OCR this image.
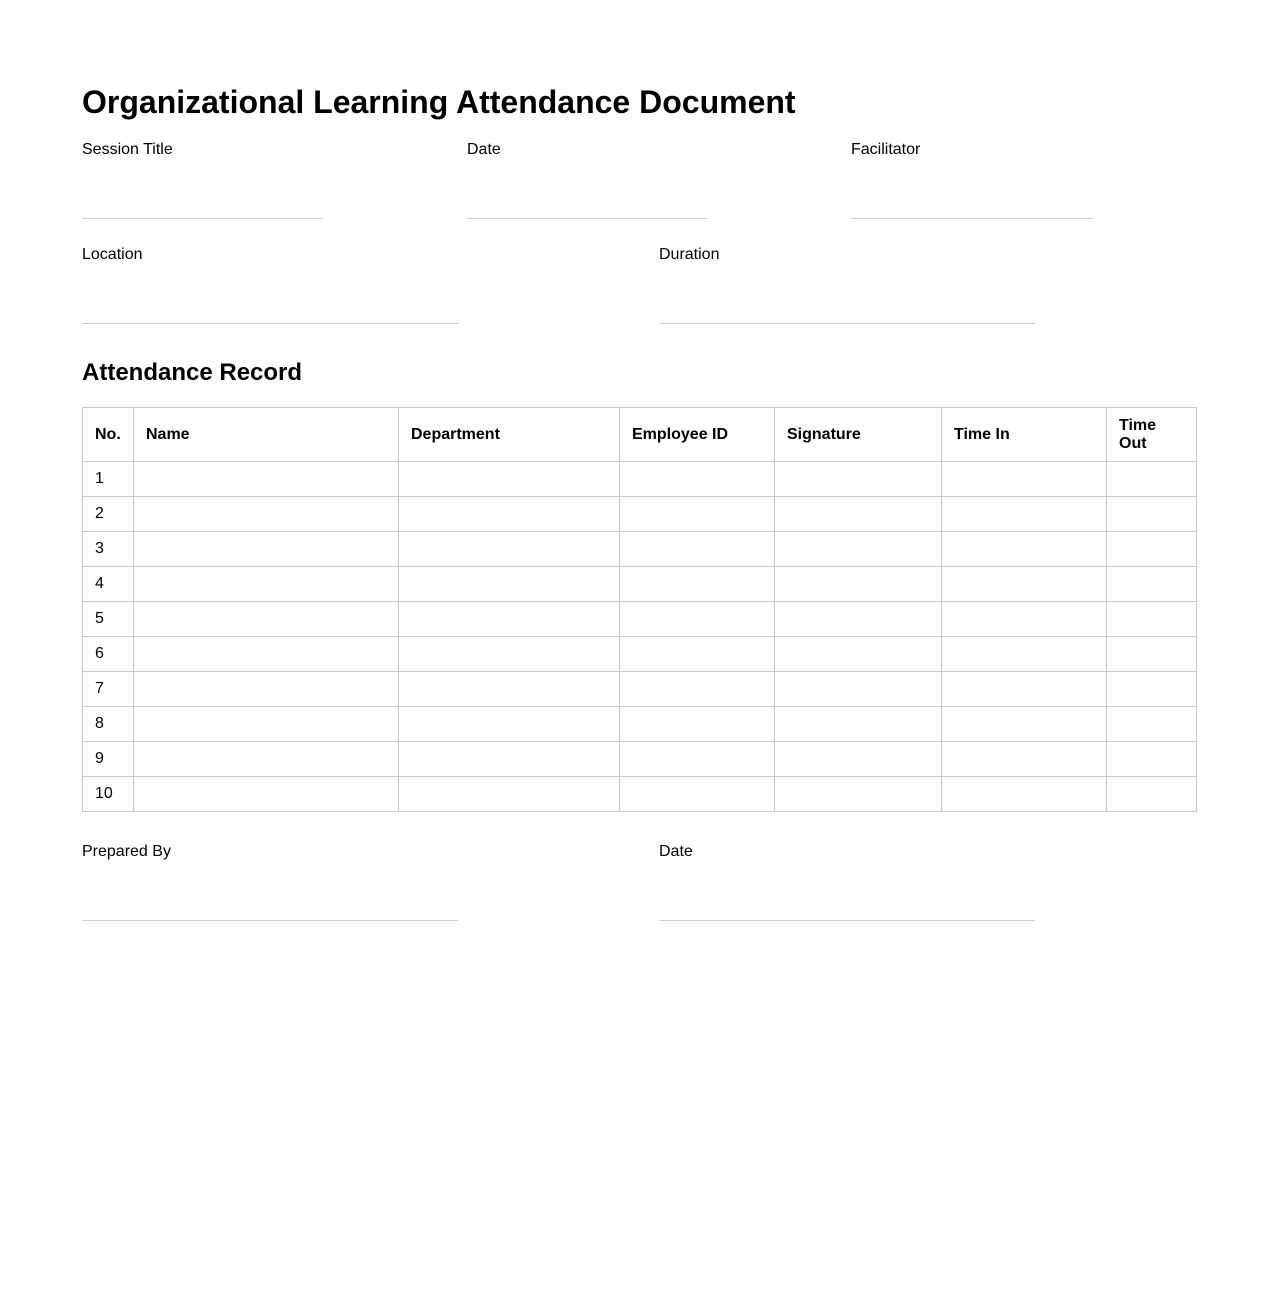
Organizational Learning Attendance Document
Session Title	Date	Facilitator
Location	Duration
Attendance Record
No.	Name	Department	Employee ID	Signature	Time In	Time Out
1						
2						
3						
4						
5						
6						
7						
8						
9						
10						
Prepared By	Date
